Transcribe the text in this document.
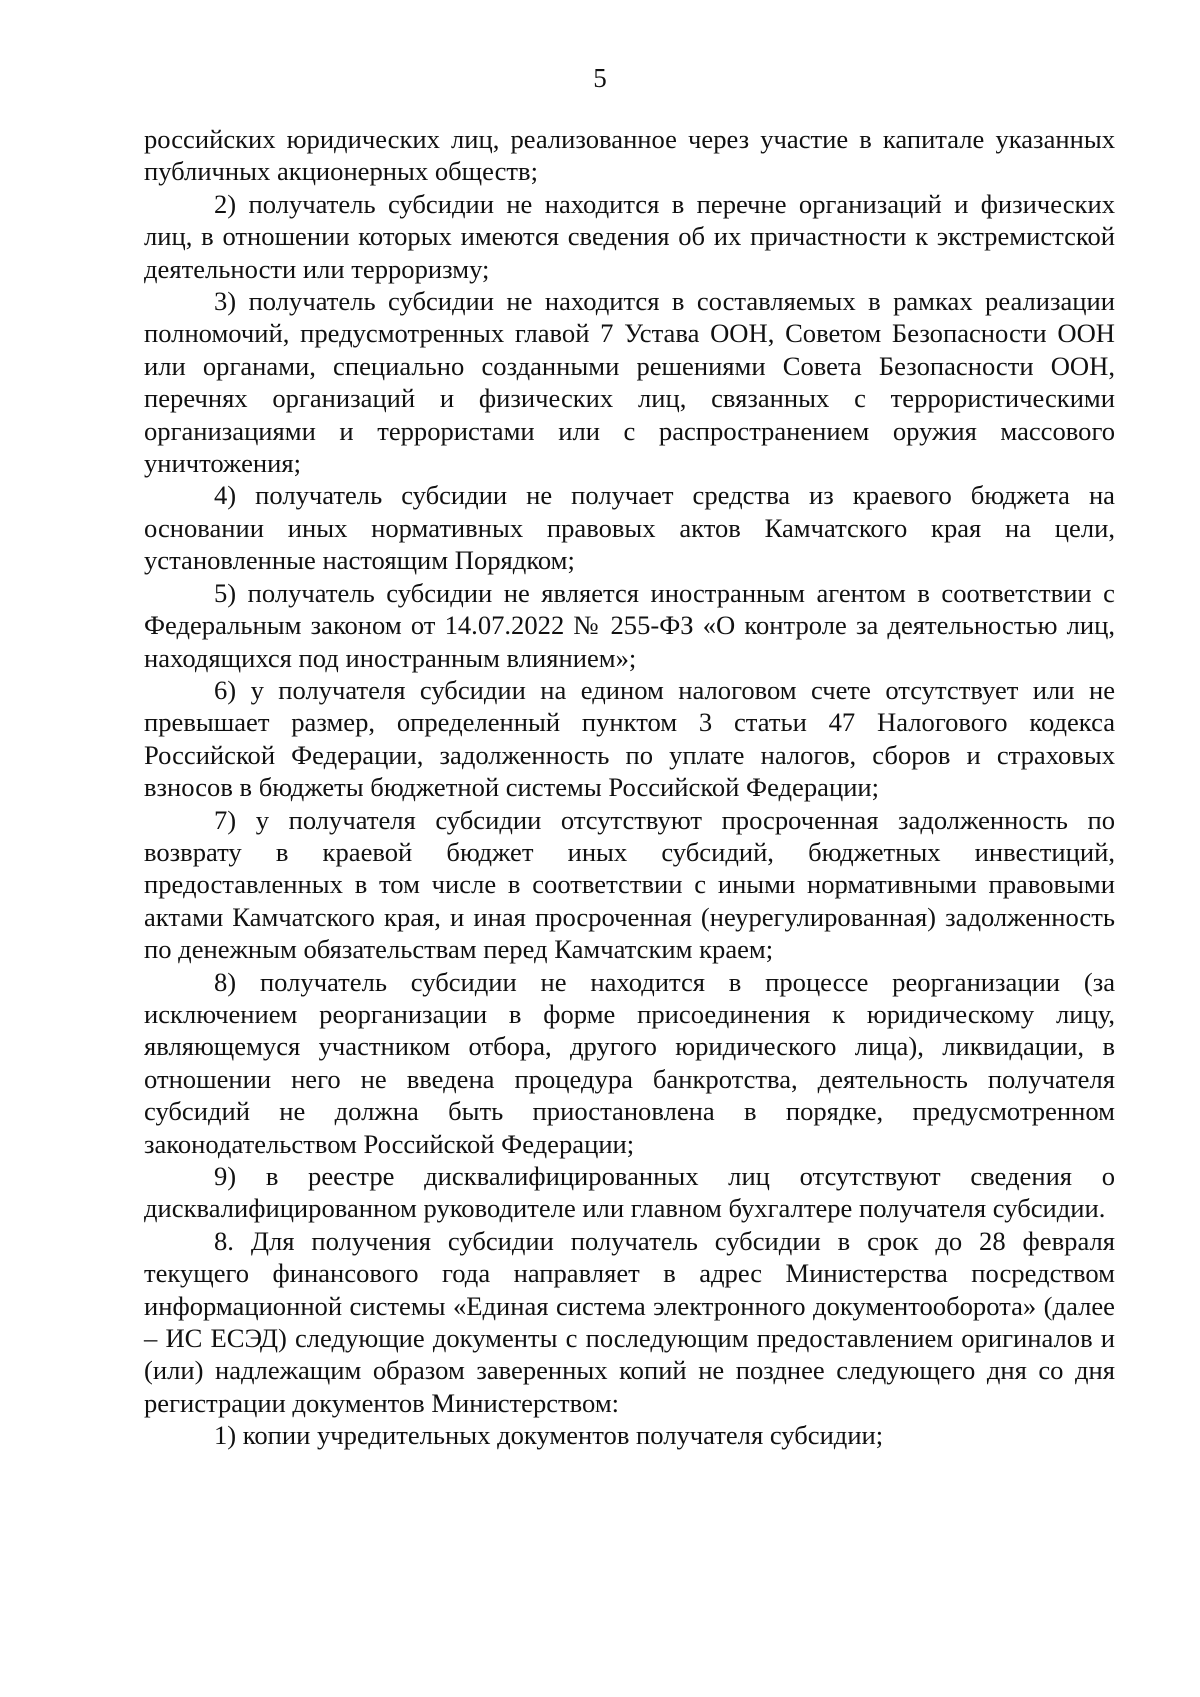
5

российских юридических лиц, реализованное через участие в капитале указанных публичных акционерных обществ;

2) получатель субсидии не находится в перечне организаций и физических лиц, в отношении которых имеются сведения об их причастности к экстремистской деятельности или терроризму;

3) получатель субсидии не находится в составляемых в рамках реализации полномочий, предусмотренных главой 7 Устава ООН, Советом Безопасности ООН или органами, специально созданными решениями Совета Безопасности ООН, перечнях организаций и физических лиц, связанных с террористическими организациями и террористами или с распространением оружия массового уничтожения;

4) получатель субсидии не получает средства из краевого бюджета на основании иных нормативных правовых актов Камчатского края на цели, установленные настоящим Порядком;

5) получатель субсидии не является иностранным агентом в соответствии с Федеральным законом от 14.07.2022 № 255-ФЗ «О контроле за деятельностью лиц, находящихся под иностранным влиянием»;

6) у получателя субсидии на едином налоговом счете отсутствует или не превышает размер, определенный пунктом 3 статьи 47 Налогового кодекса Российской Федерации, задолженность по уплате налогов, сборов и страховых взносов в бюджеты бюджетной системы Российской Федерации;

7) у получателя субсидии отсутствуют просроченная задолженность по возврату в краевой бюджет иных субсидий, бюджетных инвестиций, предоставленных в том числе в соответствии с иными нормативными правовыми актами Камчатского края, и иная просроченная (неурегулированная) задолженность по денежным обязательствам перед Камчатским краем;

8) получатель субсидии не находится в процессе реорганизации (за исключением реорганизации в форме присоединения к юридическому лицу, являющемуся участником отбора, другого юридического лица), ликвидации, в отношении него не введена процедура банкротства, деятельность получателя субсидий не должна быть приостановлена в порядке, предусмотренном законодательством Российской Федерации;

9) в реестре дисквалифицированных лиц отсутствуют сведения о дисквалифицированном руководителе или главном бухгалтере получателя субсидии.

8. Для получения субсидии получатель субсидии в срок до 28 февраля текущего финансового года направляет в адрес Министерства посредством информационной системы «Единая система электронного документооборота» (далее – ИС ЕСЭД) следующие документы с последующим предоставлением оригиналов и (или) надлежащим образом заверенных копий не позднее следующего дня со дня регистрации документов Министерством:

1) копии учредительных документов получателя субсидии;
